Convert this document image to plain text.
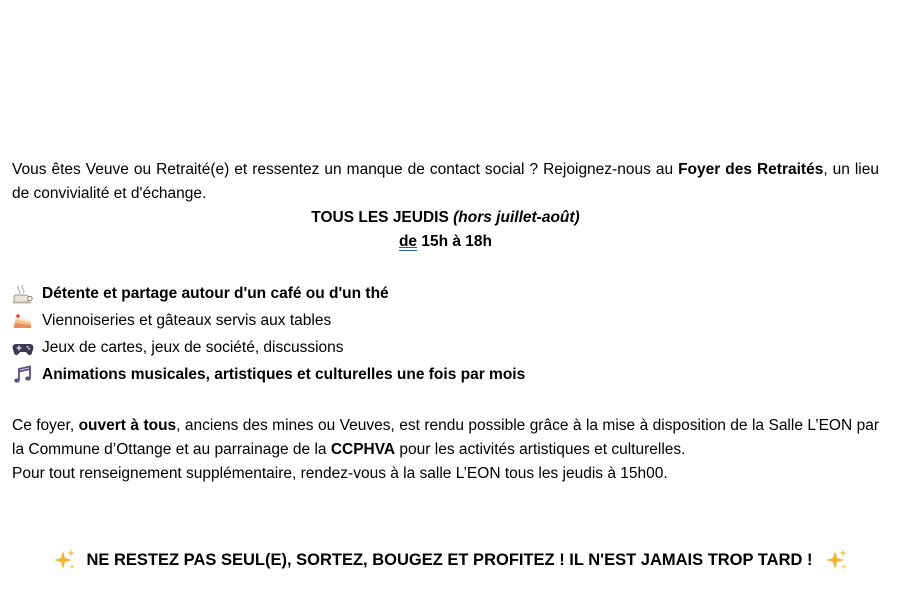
Vous êtes Veuve ou Retraité(e) et ressentez un manque de contact social ? Rejoignez-nous au Foyer des Retraités, un lieu de convivialité et d'échange.

TOUS LES JEUDIS (hors juillet-août)

de 15h à 18h

Détente et partage autour d'un café ou d'un thé
Viennoiseries et gâteaux servis aux tables
Jeux de cartes, jeux de société, discussions
Animations musicales, artistiques et culturelles une fois par mois

Ce foyer, ouvert à tous, anciens des mines ou Veuves, est rendu possible grâce à la mise à disposition de la Salle L’EON par la Commune d’Ottange et au parrainage de la CCPHVA pour les activités artistiques et culturelles.

Pour tout renseignement supplémentaire, rendez-vous à la salle L’EON tous les jeudis à 15h00.

NE RESTEZ PAS SEUL(E), SORTEZ, BOUGEZ ET PROFITEZ ! IL N'EST JAMAIS TROP TARD !
